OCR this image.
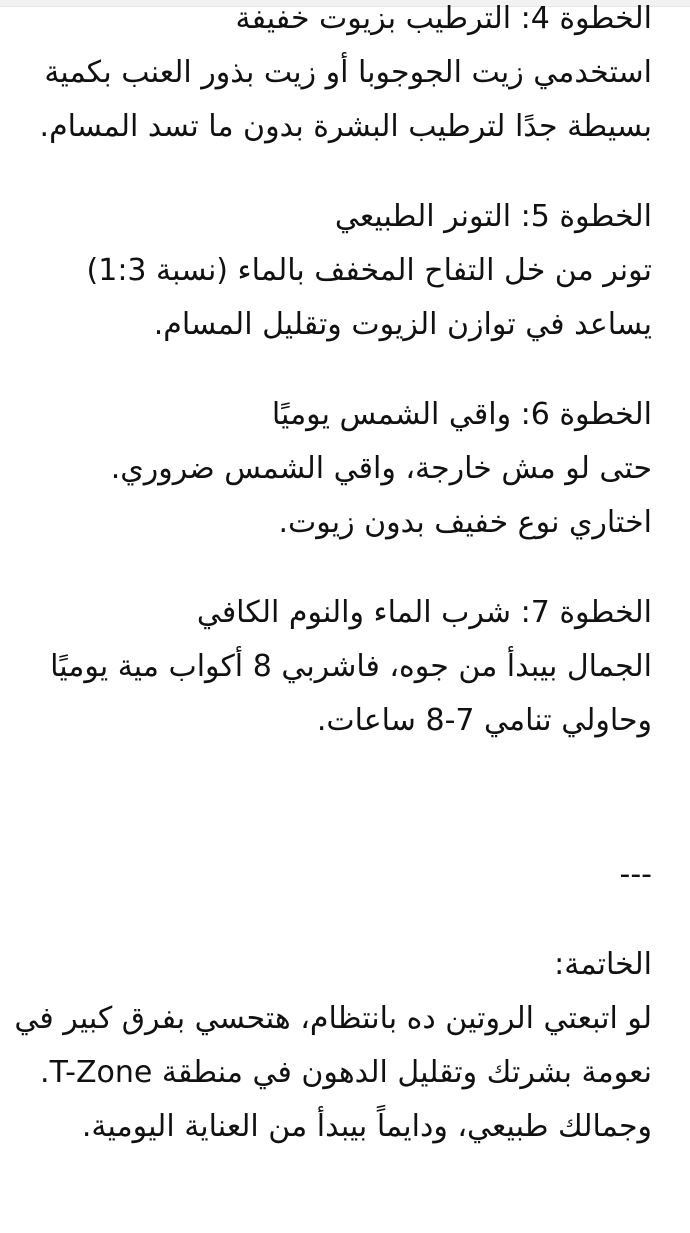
الخطوة 4: الترطيب بزيوت خفيفة
استخدمي زيت الجوجوبا أو زيت بذور العنب بكمية
بسيطة جدًا لترطيب البشرة بدون ما تسد المسام.
الخطوة 5: التونر الطبيعي
تونر من خل التفاح المخفف بالماء (نسبة 1:3)
يساعد في توازن الزيوت وتقليل المسام.
الخطوة 6: واقي الشمس يوميًا
حتى لو مش خارجة، واقي الشمس ضروري.
اختاري نوع خفيف بدون زيوت.
الخطوة 7: شرب الماء والنوم الكافي
الجمال بيبدأ من جوه، فاشربي 8 أكواب مية يوميًا
وحاولي تنامي 7-8 ساعات.
---
الخاتمة:
لو اتبعتي الروتين ده بانتظام، هتحسي بفرق كبير في
نعومة بشرتك وتقليل الدهون في منطقة T-Zone.
وجمالك طبيعي، ودايماً بيبدأ من العناية اليومية.
